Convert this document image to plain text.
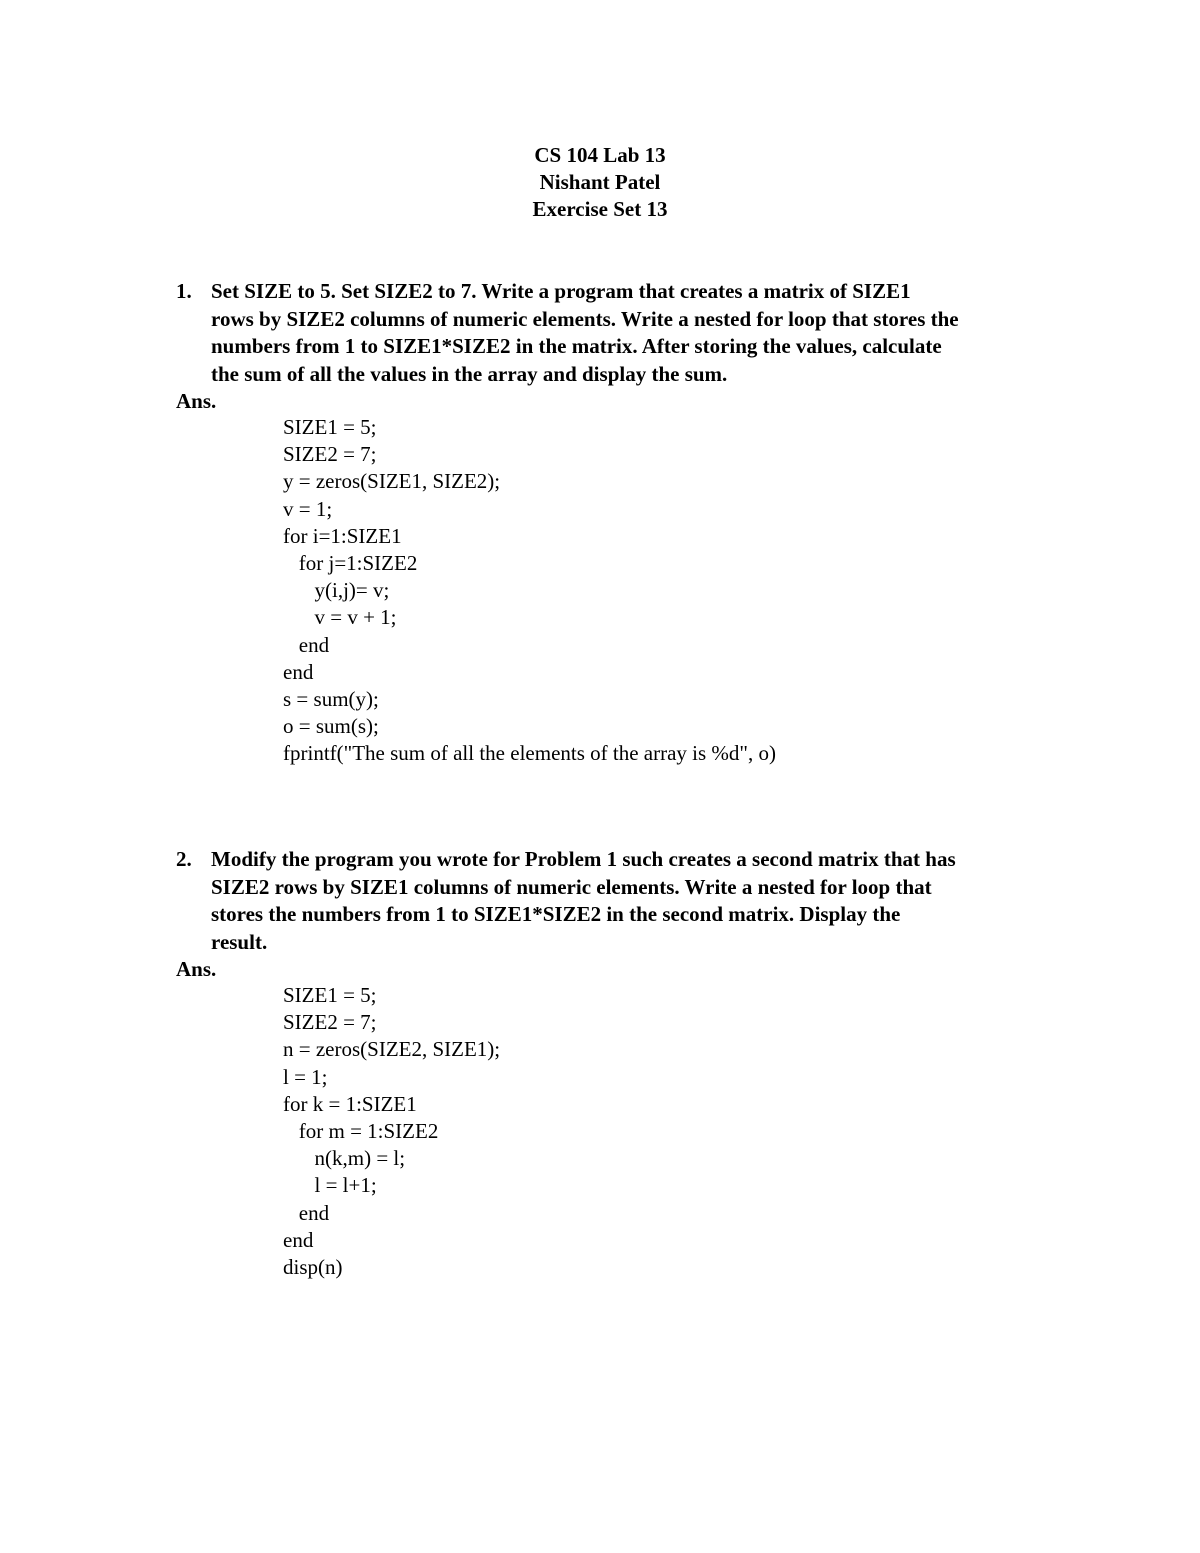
CS 104 Lab 13
Nishant Patel
Exercise Set 13
1. Set SIZE to 5. Set SIZE2 to 7. Write a program that creates a matrix of SIZE1
rows by SIZE2 columns of numeric elements. Write a nested for loop that stores the
numbers from 1 to SIZE1*SIZE2 in the matrix. After storing the values, calculate
the sum of all the values in the array and display the sum.
Ans.
SIZE1 = 5;
SIZE2 = 7;
y = zeros(SIZE1, SIZE2);
v = 1;
for i=1:SIZE1
for j=1:SIZE2
y(i,j)= v;
v = v + 1;
end
end
s = sum(y);
o = sum(s);
fprintf("The sum of all the elements of the array is %d", o)
2. Modify the program you wrote for Problem 1 such creates a second matrix that has
SIZE2 rows by SIZE1 columns of numeric elements. Write a nested for loop that
stores the numbers from 1 to SIZE1*SIZE2 in the second matrix. Display the
result.
Ans.
SIZE1 = 5;
SIZE2 = 7;
n = zeros(SIZE2, SIZE1);
l = 1;
for k = 1:SIZE1
for m = 1:SIZE2
n(k,m) = l;
l = l+1;
end
end
disp(n)
